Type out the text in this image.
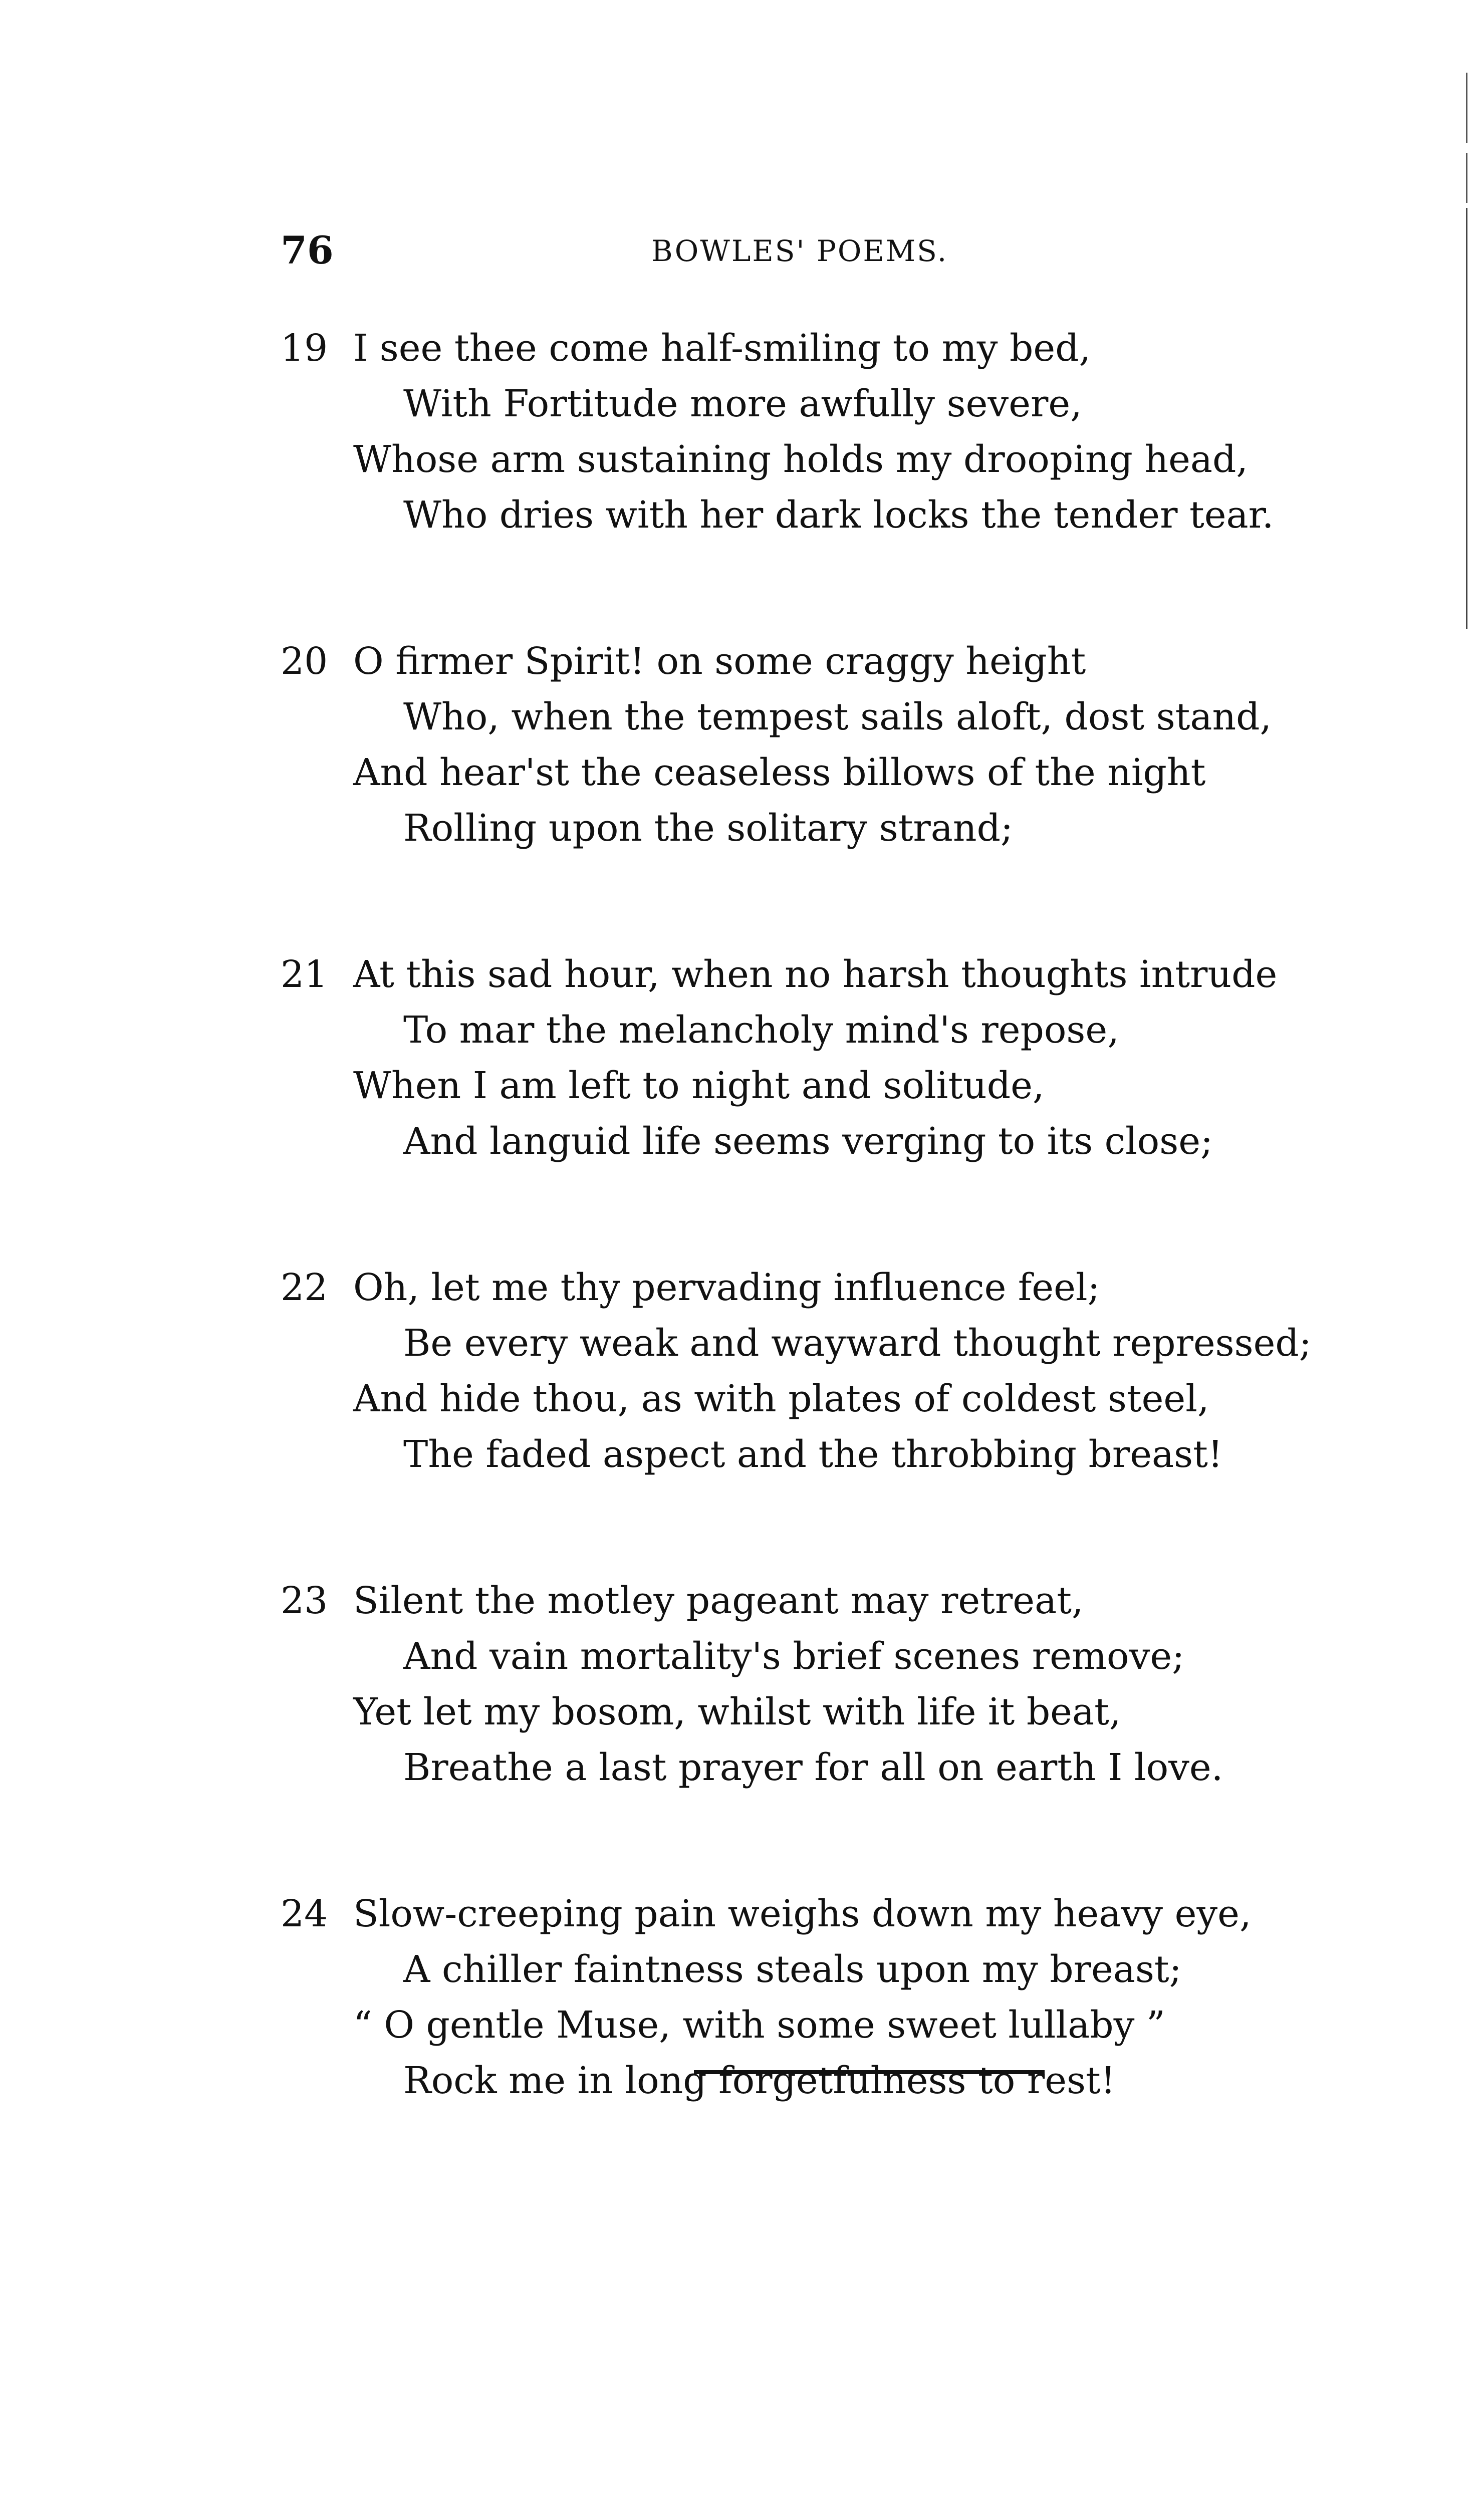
76	BOWLES' POEMS.
19 I see thee come half-smiling to my bed,
With Fortitude more awfully severe,
Whose arm sustaining holds my drooping head,
Who dries with her dark locks the tender tear.
20 O firmer Spirit! on some craggy height
Who, when the tempest sails aloft, dost stand,
And hear'st the ceaseless billows of the night
Rolling upon the solitary strand;
21 At this sad hour, when no harsh thoughts intrude
To mar the melancholy mind's repose,
When I am left to night and solitude,
And languid life seems verging to its close;
22 Oh, let me thy pervading influence feel;
Be every weak and wayward thought repressed;
And hide thou, as with plates of coldest steel,
The faded aspect and the throbbing breast!
23 Silent the motley pageant may retreat,
And vain mortality's brief scenes remove;
Yet let my bosom, whilst with life it beat,
Breathe a last prayer for all on earth I love.
24 Slow-creeping pain weighs down my heavy eye,
A chiller faintness steals upon my breast;
“ O gentle Muse, with some sweet lullaby ”
Rock me in long forgetfulness to rest!
